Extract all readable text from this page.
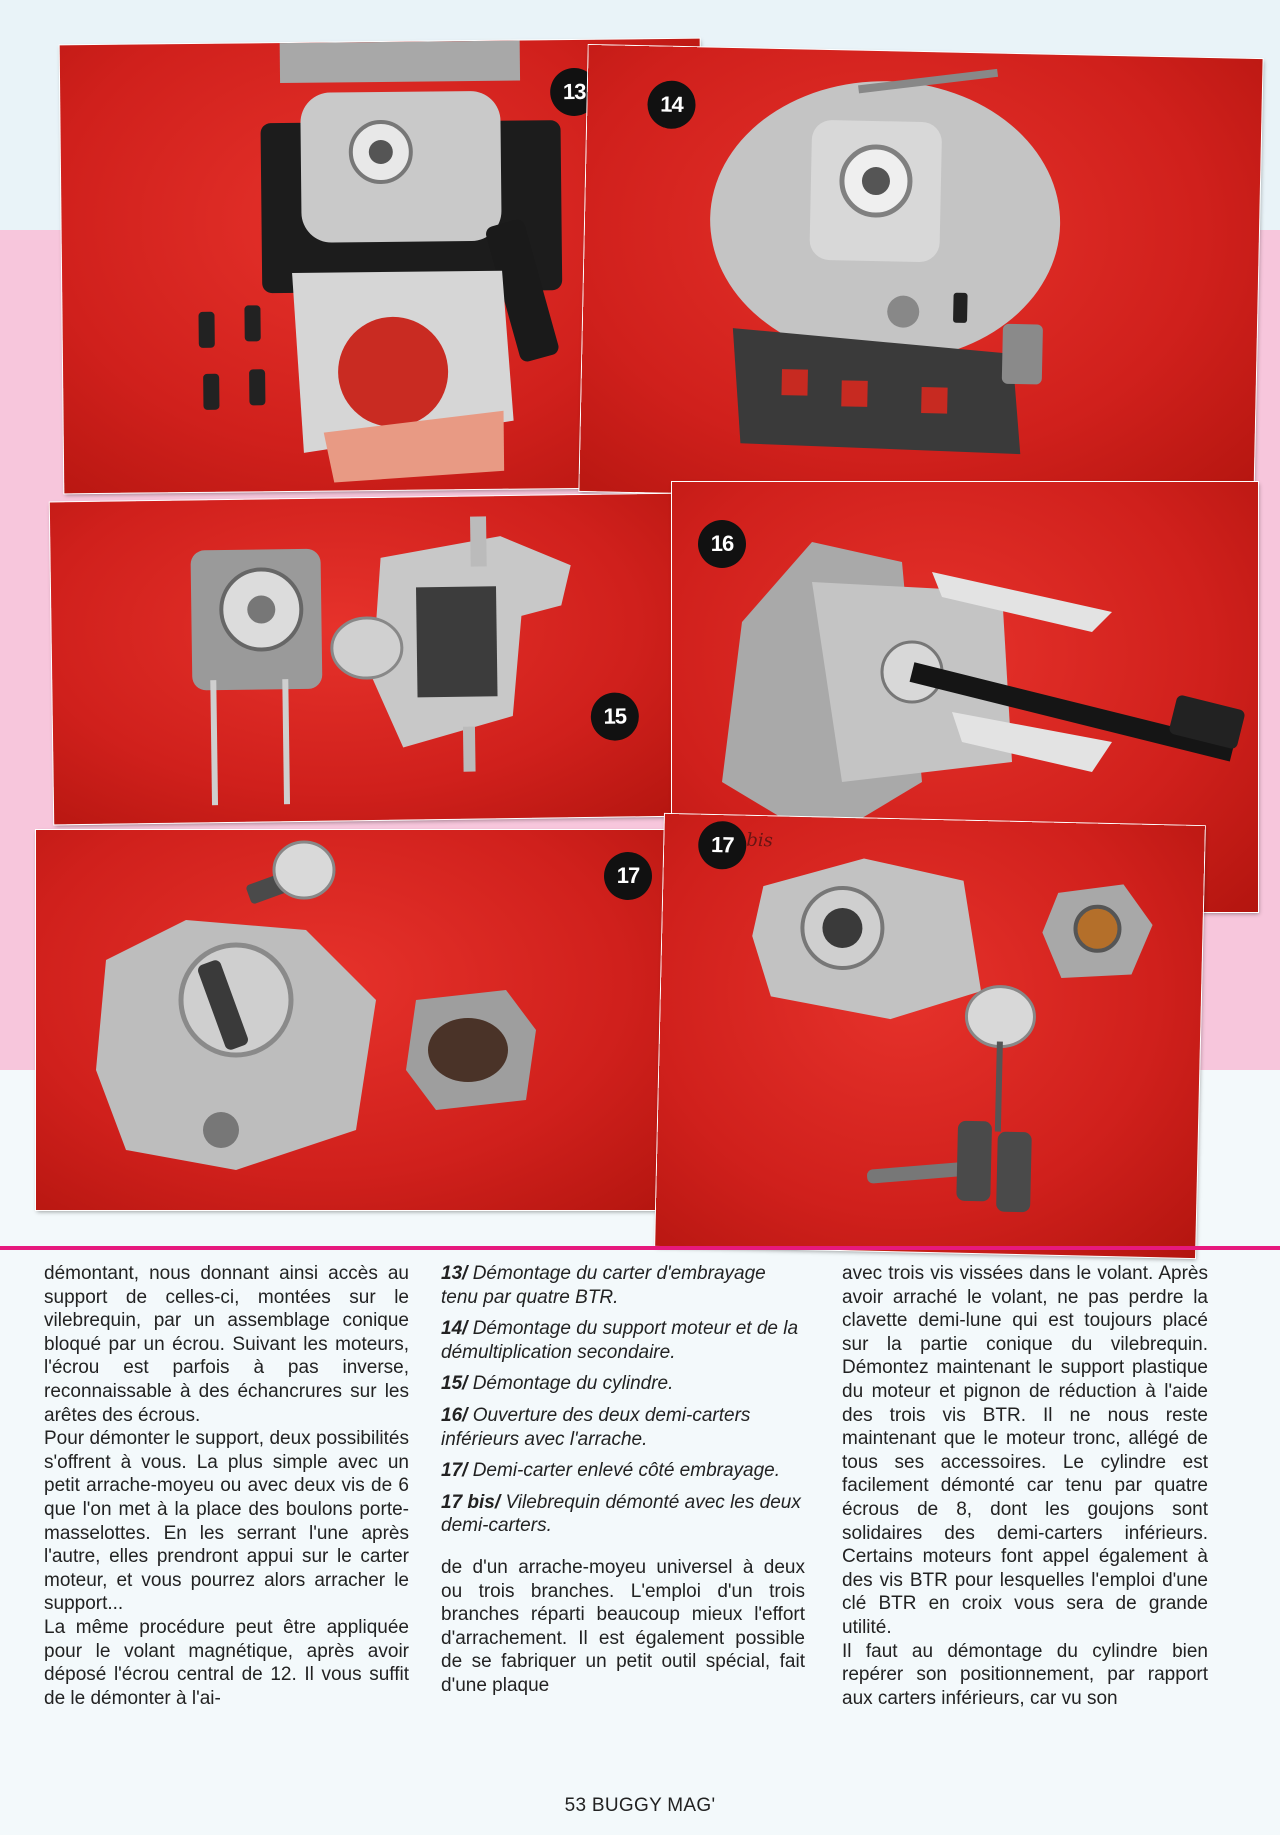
13
14
15
16
17
17 bis

démontant, nous donnant ainsi accès au support de celles-ci, montées sur le vilebrequin, par un assemblage conique bloqué par un écrou. Suivant les moteurs, l'écrou est parfois à pas inverse, reconnaissable à des échancrures sur les arêtes des écrous.

Pour démonter le support, deux possibilités s'offrent à vous. La plus simple avec un petit arrache-moyeu ou avec deux vis de 6 que l'on met à la place des boulons porte-masselottes. En les serrant l'une après l'autre, elles prendront appui sur le carter moteur, et vous pourrez alors arracher le support...

La même procédure peut être appliquée pour le volant magnétique, après avoir déposé l'écrou central de 12. Il vous suffit de le démonter à l'ai-

13/ Démontage du carter d'embrayage tenu par quatre BTR.

14/ Démontage du support moteur et de la démultiplication secondaire.

15/ Démontage du cylindre.

16/ Ouverture des deux demi-carters inférieurs avec l'arrache.

17/ Demi-carter enlevé côté embrayage.

17 bis/ Vilebrequin démonté avec les deux demi-carters.

de d'un arrache-moyeu universel à deux ou trois branches. L'emploi d'un trois branches réparti beaucoup mieux l'effort d'arrachement. Il est également possible de se fabriquer un petit outil spécial, fait d'une plaque

avec trois vis vissées dans le volant. Après avoir arraché le volant, ne pas perdre la clavette demi-lune qui est toujours placé sur la partie conique du vilebrequin. Démontez maintenant le support plastique du moteur et pignon de réduction à l'aide des trois vis BTR. Il ne nous reste maintenant que le moteur tronc, allégé de tous ses accessoires. Le cylindre est facilement démonté car tenu par quatre écrous de 8, dont les goujons sont solidaires des demi-carters inférieurs. Certains moteurs font appel également à des vis BTR pour lesquelles l'emploi d'une clé BTR en croix vous sera de grande utilité.

Il faut au démontage du cylindre bien repérer son positionnement, par rapport aux carters inférieurs, car vu son

53 BUGGY MAG'
